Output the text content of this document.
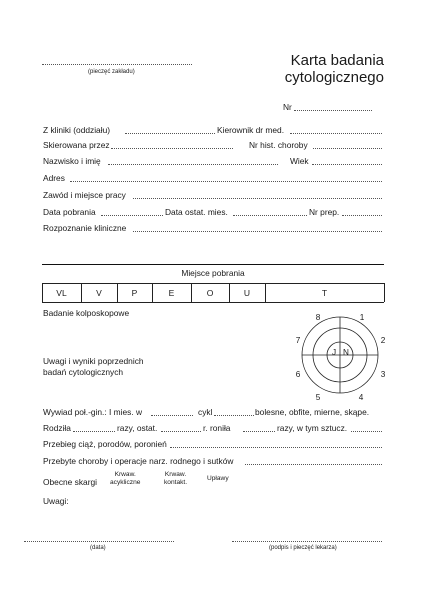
(pieczęć zakładu)
Karta badania
cytologicznego
Nr
Z kliniki (oddziału)	Kierownik dr med.
Skierowana przez	Nr hist. choroby
Nazwisko i imię	Wiek
Adres
Zawód i miejsce pracy
Data pobrania	Data ostat. mies.	Nr prep.
Rozpoznanie kliniczne
Miejsce pobrania
VL	V	P	E	O	U	T
Badanie kolposkopowe
Uwagi i wyniki poprzednich
badań cytologicznych
1
2
3
4
5
6
7
8
J N
Wywiad poł.-gin.: I mies. w	cykl	bolesne, obfite, mierne, skąpe.
Rodziła	razy, ostat.	r. roniła	razy, w tym sztucz.
Przebieg ciąż, porodów, poronień
Przebyte choroby i operacje narz. rodnego i sutków
Obecne skargi
Krwaw.
acykliczne
Krwaw.
kontakt.
Upławy
Uwagi:
(data)	(podpis i pieczęć lekarza)
